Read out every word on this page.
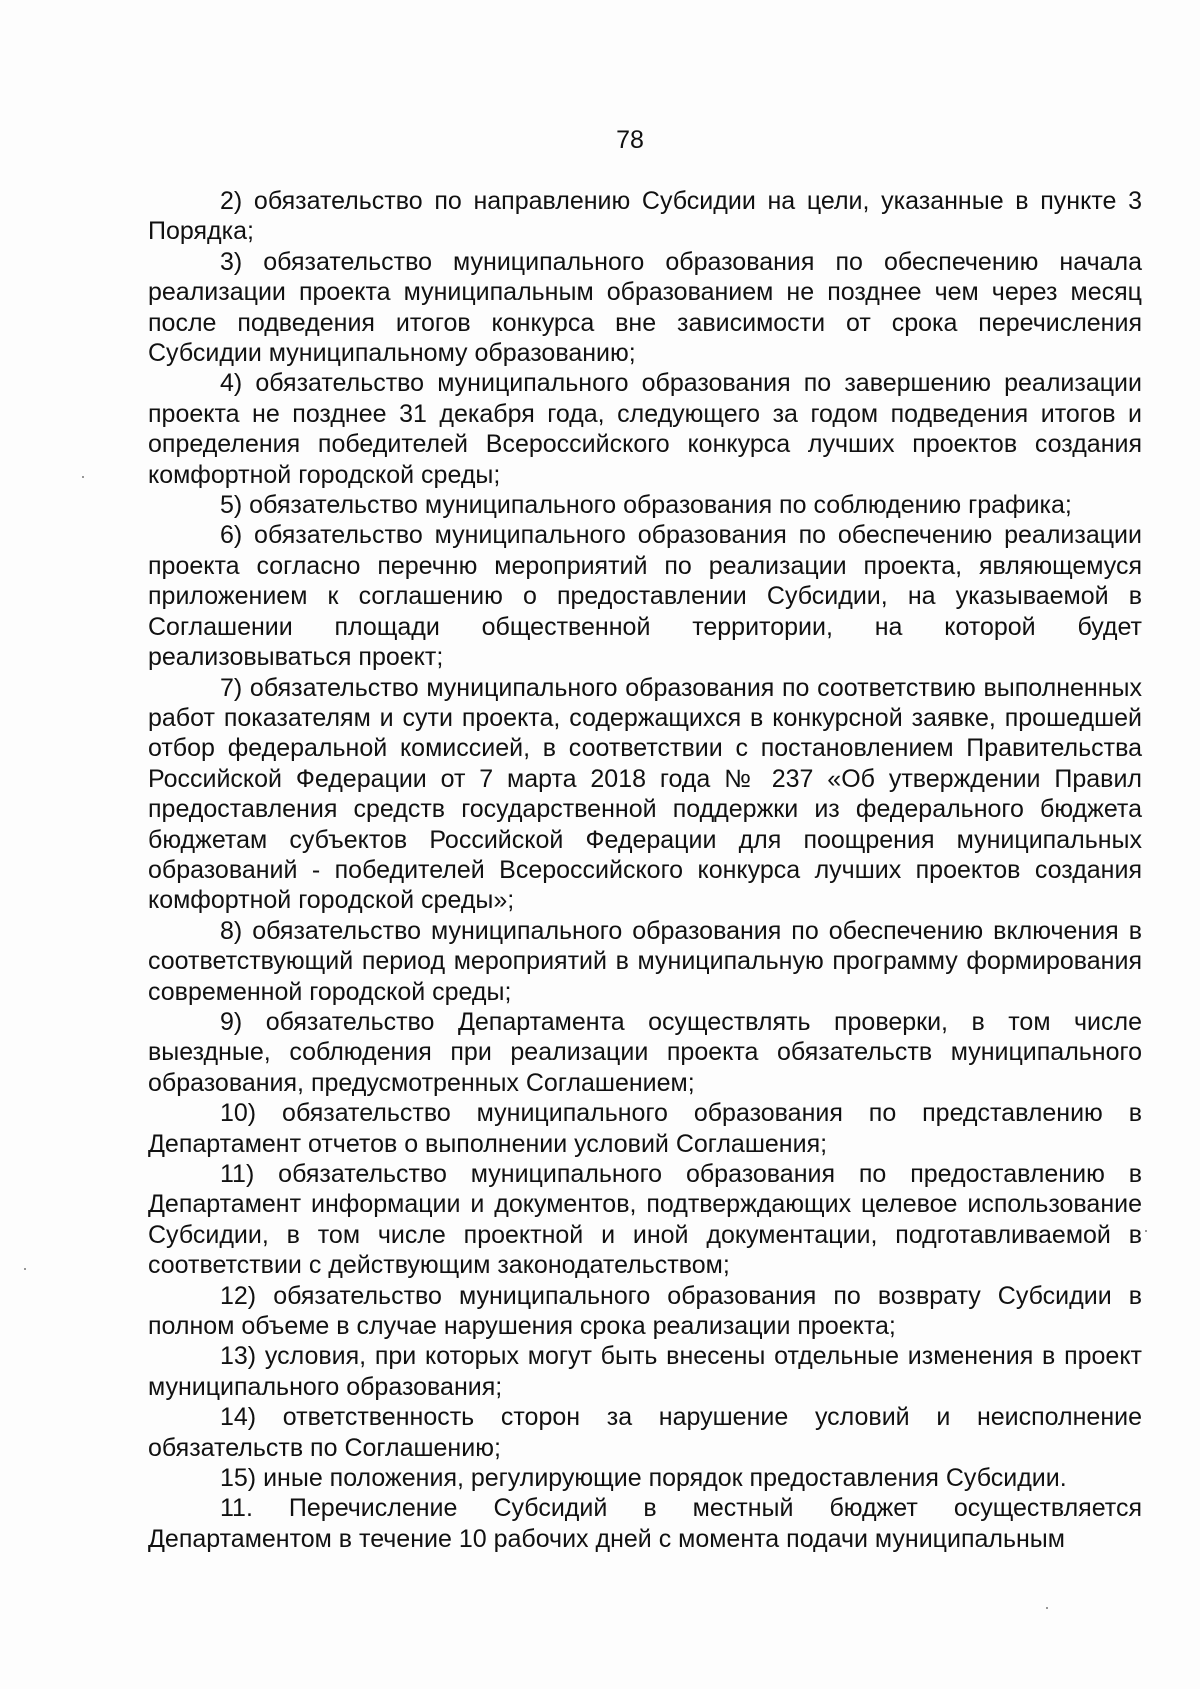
78

2) обязательство по направлению Субсидии на цели, указанные в пункте 3 Порядка;

3) обязательство муниципального образования по обеспечению начала реализации проекта муниципальным образованием не позднее чем через месяц после подведения итогов конкурса вне зависимости от срока перечисления Субсидии муниципальному образованию;

4) обязательство муниципального образования по завершению реализации проекта не позднее 31 декабря года, следующего за годом подведения итогов и определения победителей Всероссийского конкурса лучших проектов создания комфортной городской среды;

5) обязательство муниципального образования по соблюдению графика;

6) обязательство муниципального образования по обеспечению реализации проекта согласно перечню мероприятий по реализации проекта, являющемуся приложением к соглашению о предоставлении Субсидии, на указываемой в Соглашении площади общественной территории, на которой будет реализовываться проект;

7) обязательство муниципального образования по соответствию выполненных работ показателям и сути проекта, содержащихся в конкурсной заявке, прошедшей отбор федеральной комиссией, в соответствии с постановлением Правительства Российской Федерации от 7 марта 2018 года № 237 «Об утверждении Правил предоставления средств государственной поддержки из федерального бюджета бюджетам субъектов Российской Федерации для поощрения муниципальных образований - победителей Всероссийского конкурса лучших проектов создания комфортной городской среды»;

8) обязательство муниципального образования по обеспечению включения в соответствующий период мероприятий в муниципальную программу формирования современной городской среды;

9) обязательство Департамента осуществлять проверки, в том числе выездные, соблюдения при реализации проекта обязательств муниципального образования, предусмотренных Соглашением;

10) обязательство муниципального образования по представлению в Департамент отчетов о выполнении условий Соглашения;

11) обязательство муниципального образования по предоставлению в Департамент информации и документов, подтверждающих целевое использование Субсидии, в том числе проектной и иной документации, подготавливаемой в соответствии с действующим законодательством;

12) обязательство муниципального образования по возврату Субсидии в полном объеме в случае нарушения срока реализации проекта;

13) условия, при которых могут быть внесены отдельные изменения в проект муниципального образования;

14) ответственность сторон за нарушение условий и неисполнение обязательств по Соглашению;

15) иные положения, регулирующие порядок предоставления Субсидии.

11. Перечисление Субсидий в местный бюджет осуществляется Департаментом в течение 10 рабочих дней с момента подачи муниципальным
